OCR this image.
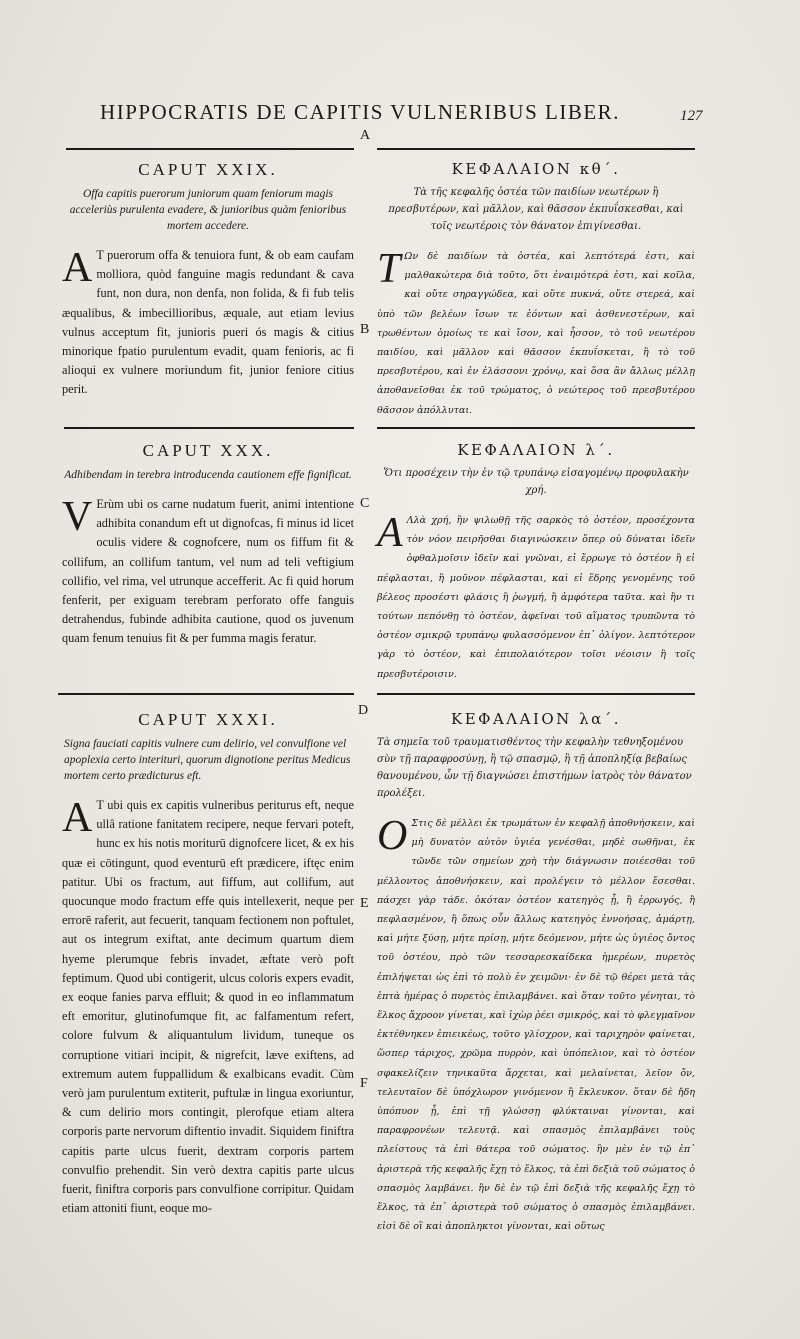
HIPPOCRATIS DE CAPITIS VULNERIBUS LIBER.	127
A
B
C
D
E
F
CAPUT XXIX.
Offa capitis puerorum juniorum quam feniorum magis acceleriùs purulenta evadere, & junioribus quàm fenioribus mortem accedere.
A T puerorum offa & tenuiora funt, & ob eam caufam molliora, quòd fanguine magis redundant & cava funt, non dura, non denfa, non folida, & fi fub telis æqualibus, & imbecillioribus, æquale, aut etiam levius vulnus acceptum fit, junioris pueri ós magis & citius minorique fpatio purulentum evadit, quam fenioris, ac fi alioqui ex vulnere moriundum fit, junior feniore citius perit.
CAPUT XXX.
Adhibendam in terebra introducenda cautionem effe fignificat.
V Erùm ubi os carne nudatum fuerit, animi intentione adhibita conandum eft ut dignofcas, fi minus id licet oculis videre & cognofcere, num os fiffum fit & collifum, an collifum tantum, vel num ad teli veftigium collifio, vel rima, vel utrunque accefferit. Ac fi quid horum fenferit, per exiguam terebram perforato offe fanguis detrahendus, fubinde adhibita cautione, quod os juvenum quam fenum tenuius fit & per fumma magis feratur.
CAPUT XXXI.
Signa fauciati capitis vulnere cum delirio, vel convulfione vel apoplexia certo interituri, quorum dignotione peritus Medicus mortem certo prædicturus eft.
A T ubi quis ex capitis vulneribus periturus eft, neque ullâ ratione fanitatem recipere, neque fervari poteft, hunc ex his notis moriturū dignofcere licet, & ex his quæ ei cōtingunt, quod eventurū eft prædicere, iftęc enim patitur. Ubi os fractum, aut fiffum, aut collifum, aut quocunque modo fractum effe quis intellexerit, neque per errorē raferit, aut fecuerit, tanquam fectionem non poftulet, aut os integrum exiftat, ante decimum quartum diem hyeme plerumque febris invadet, æftate verò poft feptimum. Quod ubi contigerit, ulcus coloris expers evadit, ex eoque fanies parva effluit; & quod in eo inflammatum eft emoritur, glutinofumque fit, ac falfamentum refert, colore fulvum & aliquantulum lividum, tuneque os corruptione vitiari incipit, & nigrefcit, læve exiftens, ad extremum autem fuppallidum & exalbicans evadit. Cùm verò jam purulentum extiterit, puftulæ in lingua exoriuntur, & cum delirio mors contingit, plerofque etiam altera corporis parte nervorum diftentio invadit. Siquidem finiftra capitis parte ulcus fuerit, dextram corporis partem convulfio prehendit. Sin verò dextra capitis parte ulcus fuerit, finiftra corporis pars convulfione corripitur. Quidam etiam attoniti fiunt, eoque mo-
ΚΕΦΑΛΑΙΟΝ κθ΄.
Τὰ τῆς κεφαλῆς ὀστέα τῶν παιδίων νεωτέρων ἢ πρεσβυτέρων, καὶ μᾶλλον, καὶ θᾶσσον ἐκπυΐσκεσθαι, καὶ τοῖς νεωτέροις τὸν θάνατον ἐπιγίνεσθαι.
Τ Ων δὲ παιδίων τὰ ὀστέα, καὶ λεπτότερά ἐστι, καὶ μαλθακώτερα διὰ τοῦτο, ὅτι ἐναιμότερά ἐστι, καὶ κοῖλα, καὶ οὔτε σηραγγώδεα, καὶ οὔτε πυκνά, οὔτε στερεά, καὶ ὑπὸ τῶν βελέων ἴσων τε ἐόντων καὶ ἀσθενεστέρων, καὶ τρωθέντων ὁμοίως τε καὶ ἴσον, καὶ ἦσσον, τὸ τοῦ νεωτέρου παιδίου, καὶ μᾶλλον καὶ θᾶσσον ἐκπυΐσκεται, ἢ τὸ τοῦ πρεσβυτέρου, καὶ ἐν ἐλάσσονι χρόνῳ, καὶ ὅσα ἂν ἄλλως μέλλῃ ἀποθανεῖσθαι ἐκ τοῦ τρώματος, ὁ νεώτερος τοῦ πρεσβυτέρου θᾶσσον ἀπόλλυται.
ΚΕΦΑΛΑΙΟΝ λ΄.
Ὅτι προσέχειν τὴν ἐν τῷ τρυπάνῳ εἰσαγομένῳ προφυλακὴν χρή.
Α Λλὰ χρή, ἢν ψιλωθῇ τῆς σαρκὸς τὸ ὀστέον, προσέχοντα τὸν νόον πειρῆσθαι διαγινώσκειν ὅπερ οὐ δύναται ἰδεῖν ὀφθαλμοῖσιν ἰδεῖν καὶ γνῶναι, εἰ ἔρρωγε τὸ ὀστέον ἢ εἰ πέφλασται, ἢ μοῦνον πέφλασται, καὶ εἰ ἕδρης γενομένης τοῦ βέλεος προσέστι φλάσις ἢ ῥωγμή, ἢ ἀμφότερα ταῦτα. καὶ ἢν τι τούτων πεπόνθῃ τὸ ὀστέον, ἀφεῖναι τοῦ αἵματος τρυπῶντα τὸ ὀστέον σμικρῷ τρυπάνῳ φυλασσόμενον ἐπ᾽ ὀλίγον. λεπτότερον γὰρ τὸ ὀστέον, καὶ ἐπιπολαιότερον τοῖσι νέοισιν ἢ τοῖς πρεσβυτέροισιν.
ΚΕΦΑΛΑΙΟΝ λα΄.
Τὰ σημεῖα τοῦ τραυματισθέντος τὴν κεφαλὴν τεθνηξομένου σὺν τῇ παραφροσύνῃ, ἢ τῷ σπασμῷ, ἢ τῇ ἀποπληξίᾳ βεβαίως θανουμένου, ὧν τῇ διαγνώσει ἐπιστήμων ἰατρὸς τὸν θάνατον προλέξει.
Ο Στις δὲ μέλλει ἐκ τρωμάτων ἐν κεφαλῇ ἀποθνήσκειν, καὶ μὴ δυνατὸν αὐτὸν ὑγιέα γενέσθαι, μηδὲ σωθῆναι, ἐκ τῶνδε τῶν σημείων χρὴ τὴν διάγνωσιν ποιέεσθαι τοῦ μέλλοντος ἀποθνήσκειν, καὶ προλέγειν τὸ μέλλον ἔσεσθαι. πάσχει γὰρ τάδε. ὁκόταν ὀστέον κατεηγὸς ᾖ, ἢ ἐρρωγός, ἢ πεφλασμένον, ἢ ὅπως οὖν ἄλλως κατεηγὸς ἐννοήσας, ἁμάρτῃ, καὶ μήτε ξύσῃ, μήτε πρίσῃ, μήτε δεόμενον, μήτε ὡς ὑγιέος ὄντος τοῦ ὀστέου, πρὸ τῶν τεσσαρεσκαίδεκα ἡμερέων, πυρετὸς ἐπιλήψεται ὡς ἐπὶ τὸ πολὺ ἐν χειμῶνι· ἐν δὲ τῷ θέρει μετὰ τὰς ἑπτὰ ἡμέρας ὁ πυρετὸς ἐπιλαμβάνει. καὶ ὅταν τοῦτο γένηται, τὸ ἕλκος ἄχροον γίνεται, καὶ ἰχὼρ ῥέει σμικρός, καὶ τὸ φλεγμαῖνον ἐκτέθνηκεν ἐπιεικέως, τοῦτο γλίσχρον, καὶ ταριχηρὸν φαίνεται, ὥσπερ τάριχος, χρῶμα πυρρὸν, καὶ ὑπόπελιον, καὶ τὸ ὀστέον σφακελίζειν τηνικαῦτα ἄρχεται, καὶ μελαίνεται, λεῖον ὄν, τελευταῖον δὲ ὑπόχλωρον γινόμενον ἢ ἔκλευκον. ὅταν δὲ ἤδη ὑπόπυον ᾖ, ἐπὶ τῇ γλώσσῃ φλύκταιναι γίνονται, καὶ παραφρονέων τελευτᾷ. καὶ σπασμὸς ἐπιλαμβάνει τοὺς πλείστους τὰ ἐπὶ θάτερα τοῦ σώματος. ἢν μὲν ἐν τῷ ἐπ᾽ ἀριστερὰ τῆς κεφαλῆς ἔχῃ τὸ ἕλκος, τὰ ἐπὶ δεξιὰ τοῦ σώματος ὁ σπασμὸς λαμβάνει. ἢν δὲ ἐν τῷ ἐπὶ δεξιὰ τῆς κεφαλῆς ἔχῃ τὸ ἕλκος, τὰ ἐπ᾽ ἀριστερὰ τοῦ σώματος ὁ σπασμὸς ἐπιλαμβάνει. εἰσὶ δὲ οἳ καὶ ἀποπληκτοι γίνονται, καὶ οὕτως
